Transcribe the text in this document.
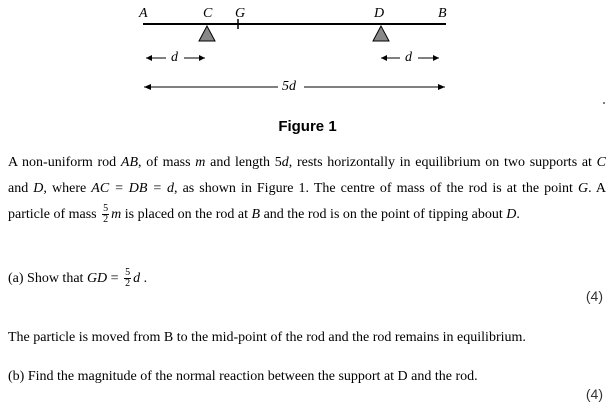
A	C G	D	B
d	d
5d
Figure 1
A non-uniform rod AB, of mass m and length 5d, rests horizontally in equilibrium on two supports at C and D, where AC = DB = d, as shown in Figure 1. The centre of mass of the rod is at the point G. A particle of mass $\frac{5}{2}$ m is placed on the rod at B and the rod is on the point of tipping about D.
(a) Show that GD = $\frac{5}{2}$ d .
(4)
The particle is moved from B to the mid-point of the rod and the rod remains in equilibrium.
(b) Find the magnitude of the normal reaction between the support at D and the rod.
(4)
